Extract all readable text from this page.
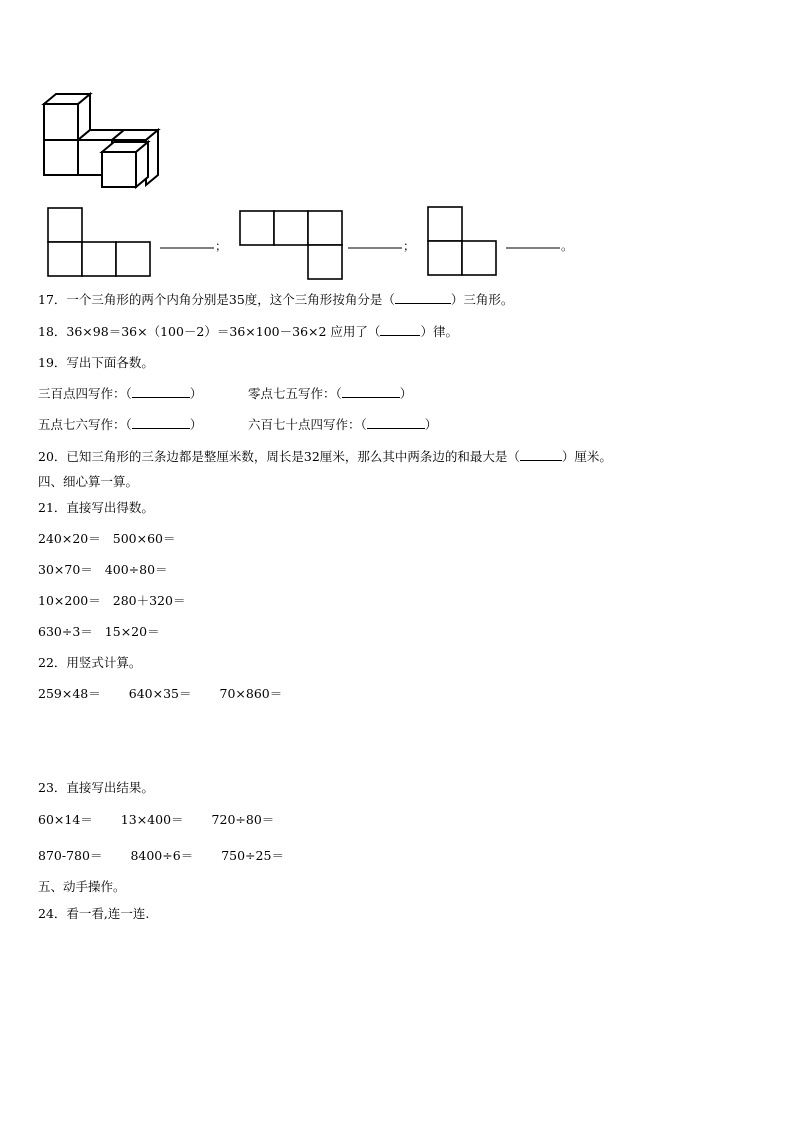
；	；	。
17．一个三角形的两个内角分别是35度，这个三角形按角分是（	）三角形。
18．36×98＝36×（100－2）＝36×100－36×2 应用了（	）律。
19．写出下面各数。
三百点四写作：（	）	零点七五写作：（	）
五点七六写作：（	）	六百七十点四写作：（	）
20．已知三角形的三条边都是整厘米数，周长是32厘米，那么其中两条边的和最大是（	）厘米。
四、细心算一算。
21．直接写出得数。
240×20＝ 500×60＝
30×70＝ 400÷80＝
10×200＝ 280＋320＝
630÷3＝ 15×20＝
22．用竖式计算。
259×48＝ 640×35＝ 70×860＝
23．直接写出结果。
60×14＝ 13×400＝ 720÷80＝
870-780＝ 8400÷6＝ 750÷25＝
五、动手操作。
24．看一看,连一连.
